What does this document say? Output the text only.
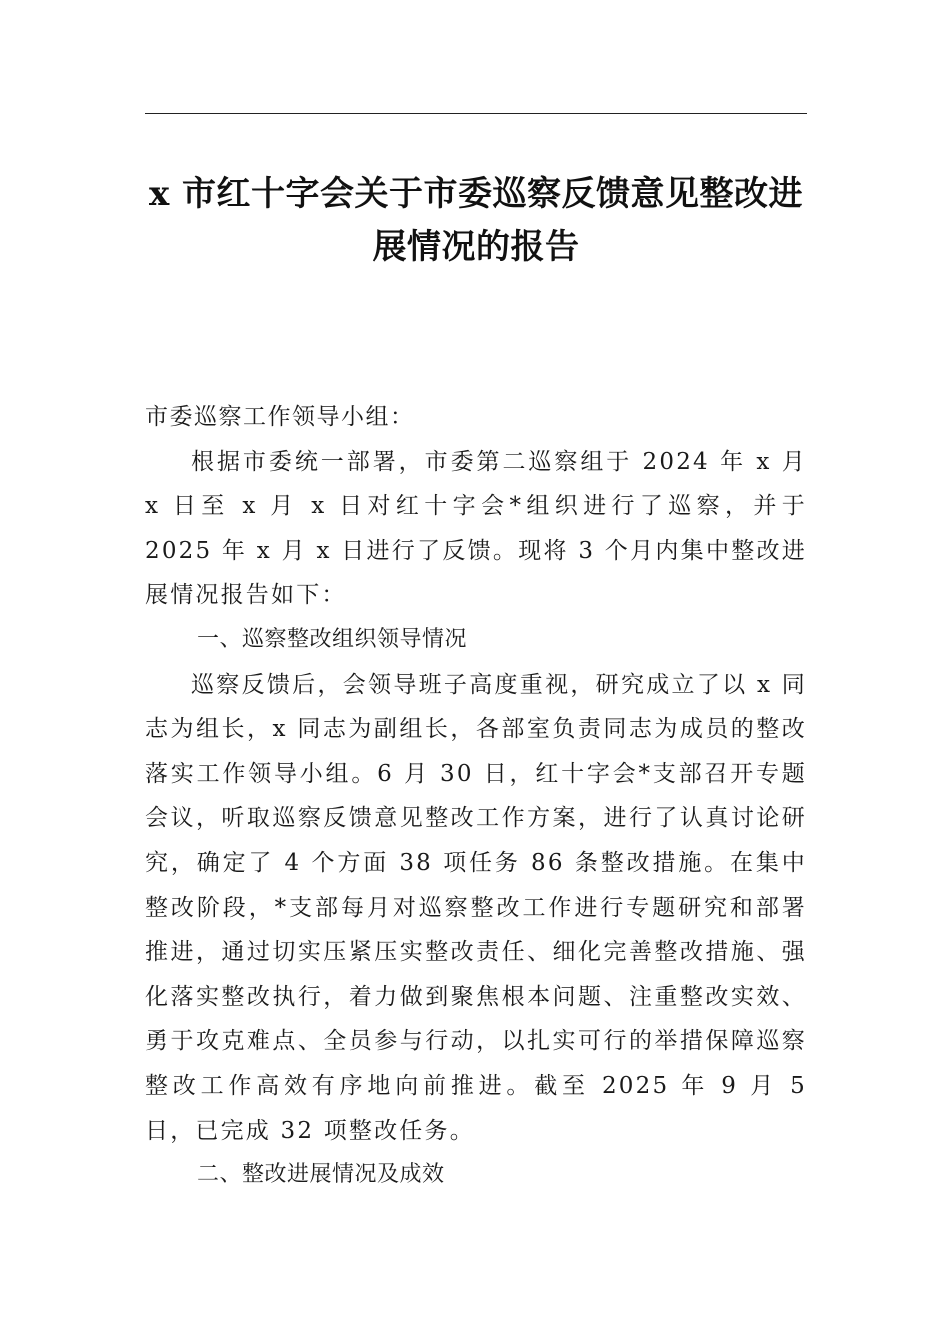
x 市红十字会关于市委巡察反馈意见整改进
展情况的报告

市委巡察工作领导小组：

根据市委统一部署，市委第二巡察组于 2024 年 x 月 x 日至 x 月 x 日对红十字会*组织进行了巡察，并于 2025 年 x 月 x 日进行了反馈。现将 3 个月内集中整改进展情况报告如下：

一、巡察整改组织领导情况

巡察反馈后，会领导班子高度重视，研究成立了以 x 同志为组长，x 同志为副组长，各部室负责同志为成员的整改落实工作领导小组。6 月 30 日，红十字会*支部召开专题会议，听取巡察反馈意见整改工作方案，进行了认真讨论研究，确定了 4 个方面 38 项任务 86 条整改措施。在集中整改阶段，*支部每月对巡察整改工作进行专题研究和部署推进，通过切实压紧压实整改责任、细化完善整改措施、强化落实整改执行，着力做到聚焦根本问题、注重整改实效、勇于攻克难点、全员参与行动，以扎实可行的举措保障巡察整改工作高效有序地向前推进。截至 2025 年 9 月 5 日，已完成 32 项整改任务。

二、整改进展情况及成效
